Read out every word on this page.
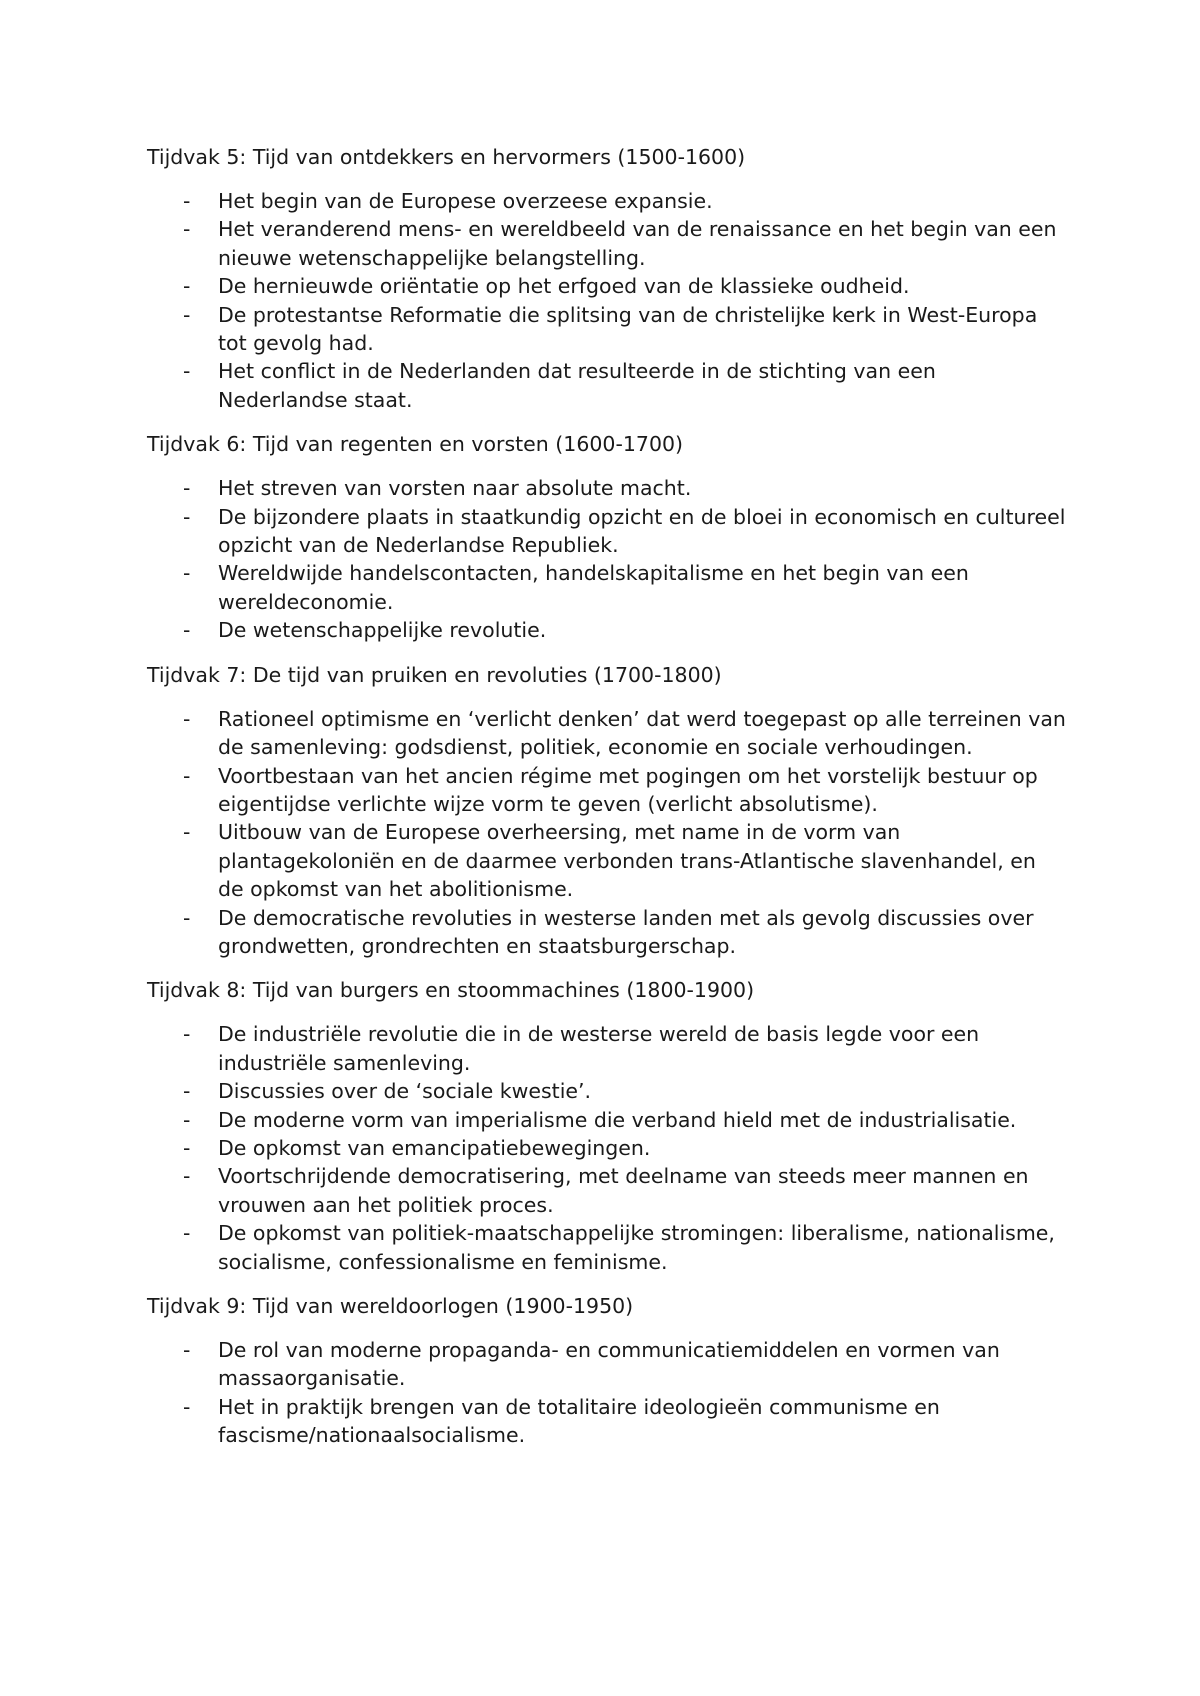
Tijdvak 5: Tijd van ontdekkers en hervormers (1500-1600)
- Het begin van de Europese overzeese expansie.
- Het veranderend mens- en wereldbeeld van de renaissance en het begin van een nieuwe wetenschappelijke belangstelling.
- De hernieuwde oriëntatie op het erfgoed van de klassieke oudheid.
- De protestantse Reformatie die splitsing van de christelijke kerk in West-Europa tot gevolg had.
- Het conflict in de Nederlanden dat resulteerde in de stichting van een Nederlandse staat.
Tijdvak 6: Tijd van regenten en vorsten (1600-1700)
- Het streven van vorsten naar absolute macht.
- De bijzondere plaats in staatkundig opzicht en de bloei in economisch en cultureel opzicht van de Nederlandse Republiek.
- Wereldwijde handelscontacten, handelskapitalisme en het begin van een wereldeconomie.
- De wetenschappelijke revolutie.
Tijdvak 7: De tijd van pruiken en revoluties (1700-1800)
- Rationeel optimisme en ‘verlicht denken’ dat werd toegepast op alle terreinen van de samenleving: godsdienst, politiek, economie en sociale verhoudingen.
- Voortbestaan van het ancien régime met pogingen om het vorstelijk bestuur op eigentijdse verlichte wijze vorm te geven (verlicht absolutisme).
- Uitbouw van de Europese overheersing, met name in de vorm van plantagekoloniën en de daarmee verbonden trans-Atlantische slavenhandel, en de opkomst van het abolitionisme.
- De democratische revoluties in westerse landen met als gevolg discussies over grondwetten, grondrechten en staatsburgerschap.
Tijdvak 8: Tijd van burgers en stoommachines (1800-1900)
- De industriële revolutie die in de westerse wereld de basis legde voor een industriële samenleving.
- Discussies over de ‘sociale kwestie’.
- De moderne vorm van imperialisme die verband hield met de industrialisatie.
- De opkomst van emancipatiebewegingen.
- Voortschrijdende democratisering, met deelname van steeds meer mannen en vrouwen aan het politiek proces.
- De opkomst van politiek-maatschappelijke stromingen: liberalisme, nationalisme, socialisme, confessionalisme en feminisme.
Tijdvak 9: Tijd van wereldoorlogen (1900-1950)
- De rol van moderne propaganda- en communicatiemiddelen en vormen van massaorganisatie.
- Het in praktijk brengen van de totalitaire ideologieën communisme en fascisme/nationaalsocialisme.
